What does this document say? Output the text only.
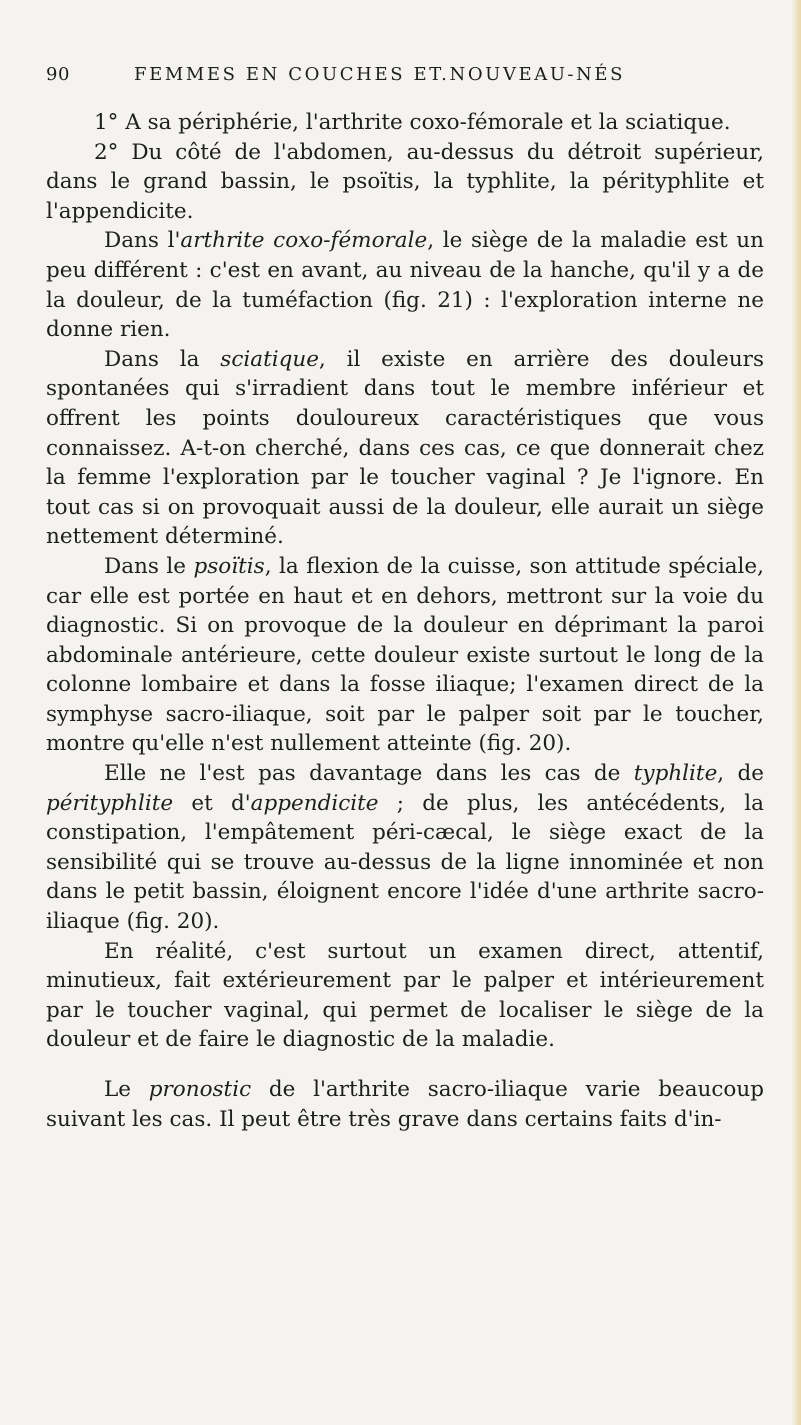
90	FEMMES EN COUCHES ET.NOUVEAU-NÉS

1° A sa périphérie, l'arthrite coxo-fémorale et la sciatique.

2° Du côté de l'abdomen, au-dessus du détroit supérieur, dans le grand bassin, le psoïtis, la typhlite, la pérityphlite et l'appendicite.

Dans l'arthrite coxo-fémorale, le siège de la maladie est un peu différent : c'est en avant, au niveau de la hanche, qu'il y a de la douleur, de la tuméfaction (fig. 21) : l'exploration interne ne donne rien.

Dans la sciatique, il existe en arrière des douleurs spontanées qui s'irradient dans tout le membre inférieur et offrent les points douloureux caractéristiques que vous connaissez. A-t-on cherché, dans ces cas, ce que donnerait chez la femme l'exploration par le toucher vaginal ? Je l'ignore. En tout cas si on provoquait aussi de la douleur, elle aurait un siège nettement déterminé.

Dans le psoïtis, la flexion de la cuisse, son attitude spéciale, car elle est portée en haut et en dehors, mettront sur la voie du diagnostic. Si on provoque de la douleur en déprimant la paroi abdominale antérieure, cette douleur existe surtout le long de la colonne lombaire et dans la fosse iliaque; l'examen direct de la symphyse sacro-iliaque, soit par le palper soit par le toucher, montre qu'elle n'est nullement atteinte (fig. 20).

Elle ne l'est pas davantage dans les cas de typhlite, de pérityphlite et d'appendicite ; de plus, les antécédents, la constipation, l'empâtement péri-cæcal, le siège exact de la sensibilité qui se trouve au-dessus de la ligne innominée et non dans le petit bassin, éloignent encore l'idée d'une arthrite sacro-iliaque (fig. 20).

En réalité, c'est surtout un examen direct, attentif, minutieux, fait extérieurement par le palper et intérieurement par le toucher vaginal, qui permet de localiser le siège de la douleur et de faire le diagnostic de la maladie.

Le pronostic de l'arthrite sacro-iliaque varie beaucoup suivant les cas. Il peut être très grave dans certains faits d'in-
